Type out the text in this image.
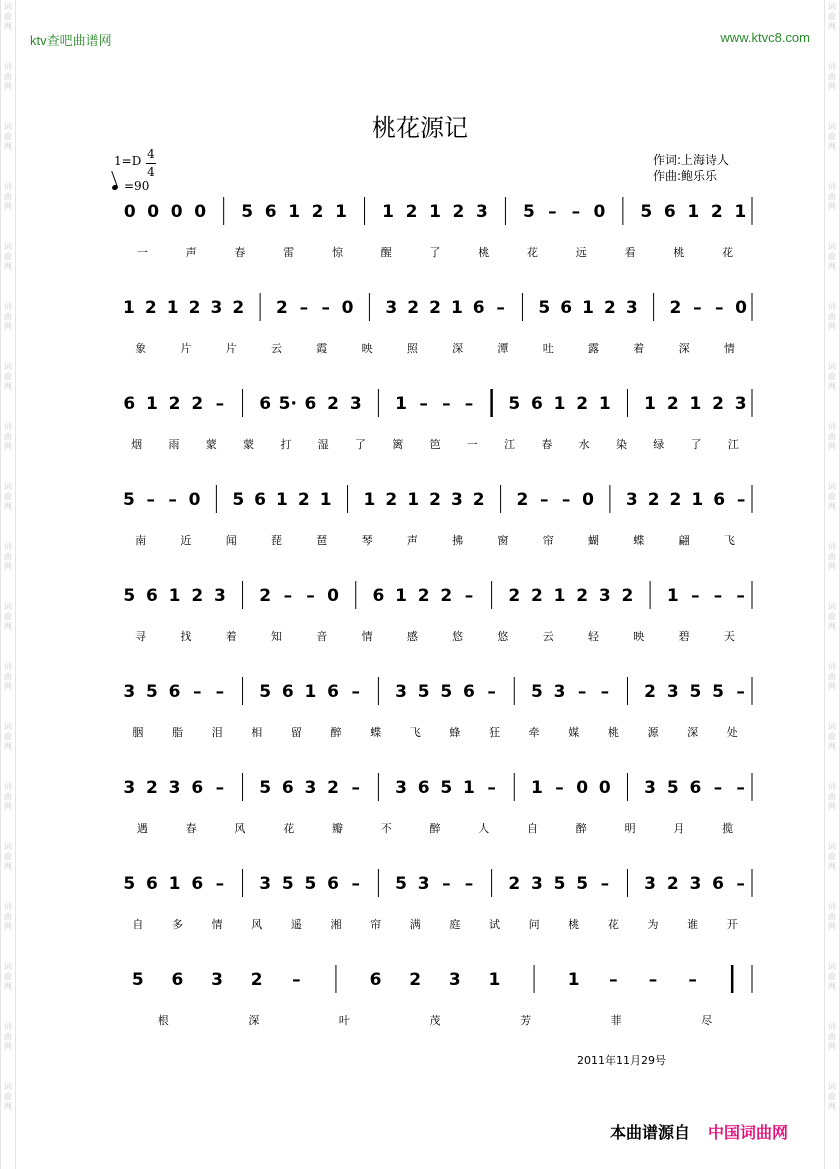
词
曲
网
词
曲
网
词
曲
网
词
曲
网
词
曲
网
词
曲
网
词
曲
网
词
曲
网
词
曲
网
词
曲
网
词
曲
网
词
曲
网
词
曲
网
词
曲
网
词
曲
网
词
曲
网
词
曲
网
词
曲
网
词
曲
网
词
曲
网
词
曲
网
词
曲
网
词
曲
网
词
曲
网
词
曲
网
词
曲
网
词
曲
网
词
曲
网
词
曲
网
词
曲
网
词
曲
网
词
曲
网
词
曲
网
词
曲
网
词
曲
网
词
曲
网
词
曲
网
词
曲
网
ktv查吧曲谱网	www.ktvc8.com
桃花源记
1=D 4
4
=90
作词:上海诗人
作曲:鲍乐乐
0 0 0 0 5 6 1 2 1 1 2 1 2 3 5 – – 0 5 6 1 2 1
一	声	春	雷	惊	醒	了	桃	花	远	看	桃	花
1 2 1 2 3 2 2 – – 0 3 2 2 1 6 – 5 6 1 2 3 2 – – 0
象	片	片	云	霞	映	照	深	潭	吐	露	着	深	情
6 1 2 2 – 6 5· 6 2 3 1 – – – 5 6 1 2 1 1 2 1 2 3
烟 雨 蒙 蒙 打 湿 了 篱 笆 一 江 春 水 染 绿 了 江
5 – – 0 5 6 1 2 1 1 2 1 2 3 2 2 – – 0 3 2 2 1 6 –
南	近	闻	琵	琶	琴	声	拂	窗	帘	蝴	蝶	翩	飞
5 6 1 2 3 2 – – 0 6 1 2 2 – 2 2 1 2 3 2 1 – – –
寻	找	着	知	音	情	感	悠	悠	云	轻	映	碧	天
3 5 6 – – 5 6 1 6 – 3 5 5 6 – 5 3 – – 2 3 5 5 –
胭	脂	泪	相	留	醉	蝶	飞	蜂	狂	牵	媒	桃	源	深	处
3 2 3 6 – 5 6 3 2 – 3 6 5 1 – 1 – 0 0 3 5 6 – –
遇	春	风	花	瓣	不	醉	人	自	醉	明	月	揽
5 6 1 6 – 3 5 5 6 – 5 3 – – 2 3 5 5 – 3 2 3 6 –
自	多	情	风	遥	湘	帘	满	庭	试	问	桃	花	为	谁	开
5 6 3 2 –	6 2 3 1	1 – – –
根	深	叶	茂	芳	菲	尽
2011年11月29号
本曲谱源自 中国词曲网
